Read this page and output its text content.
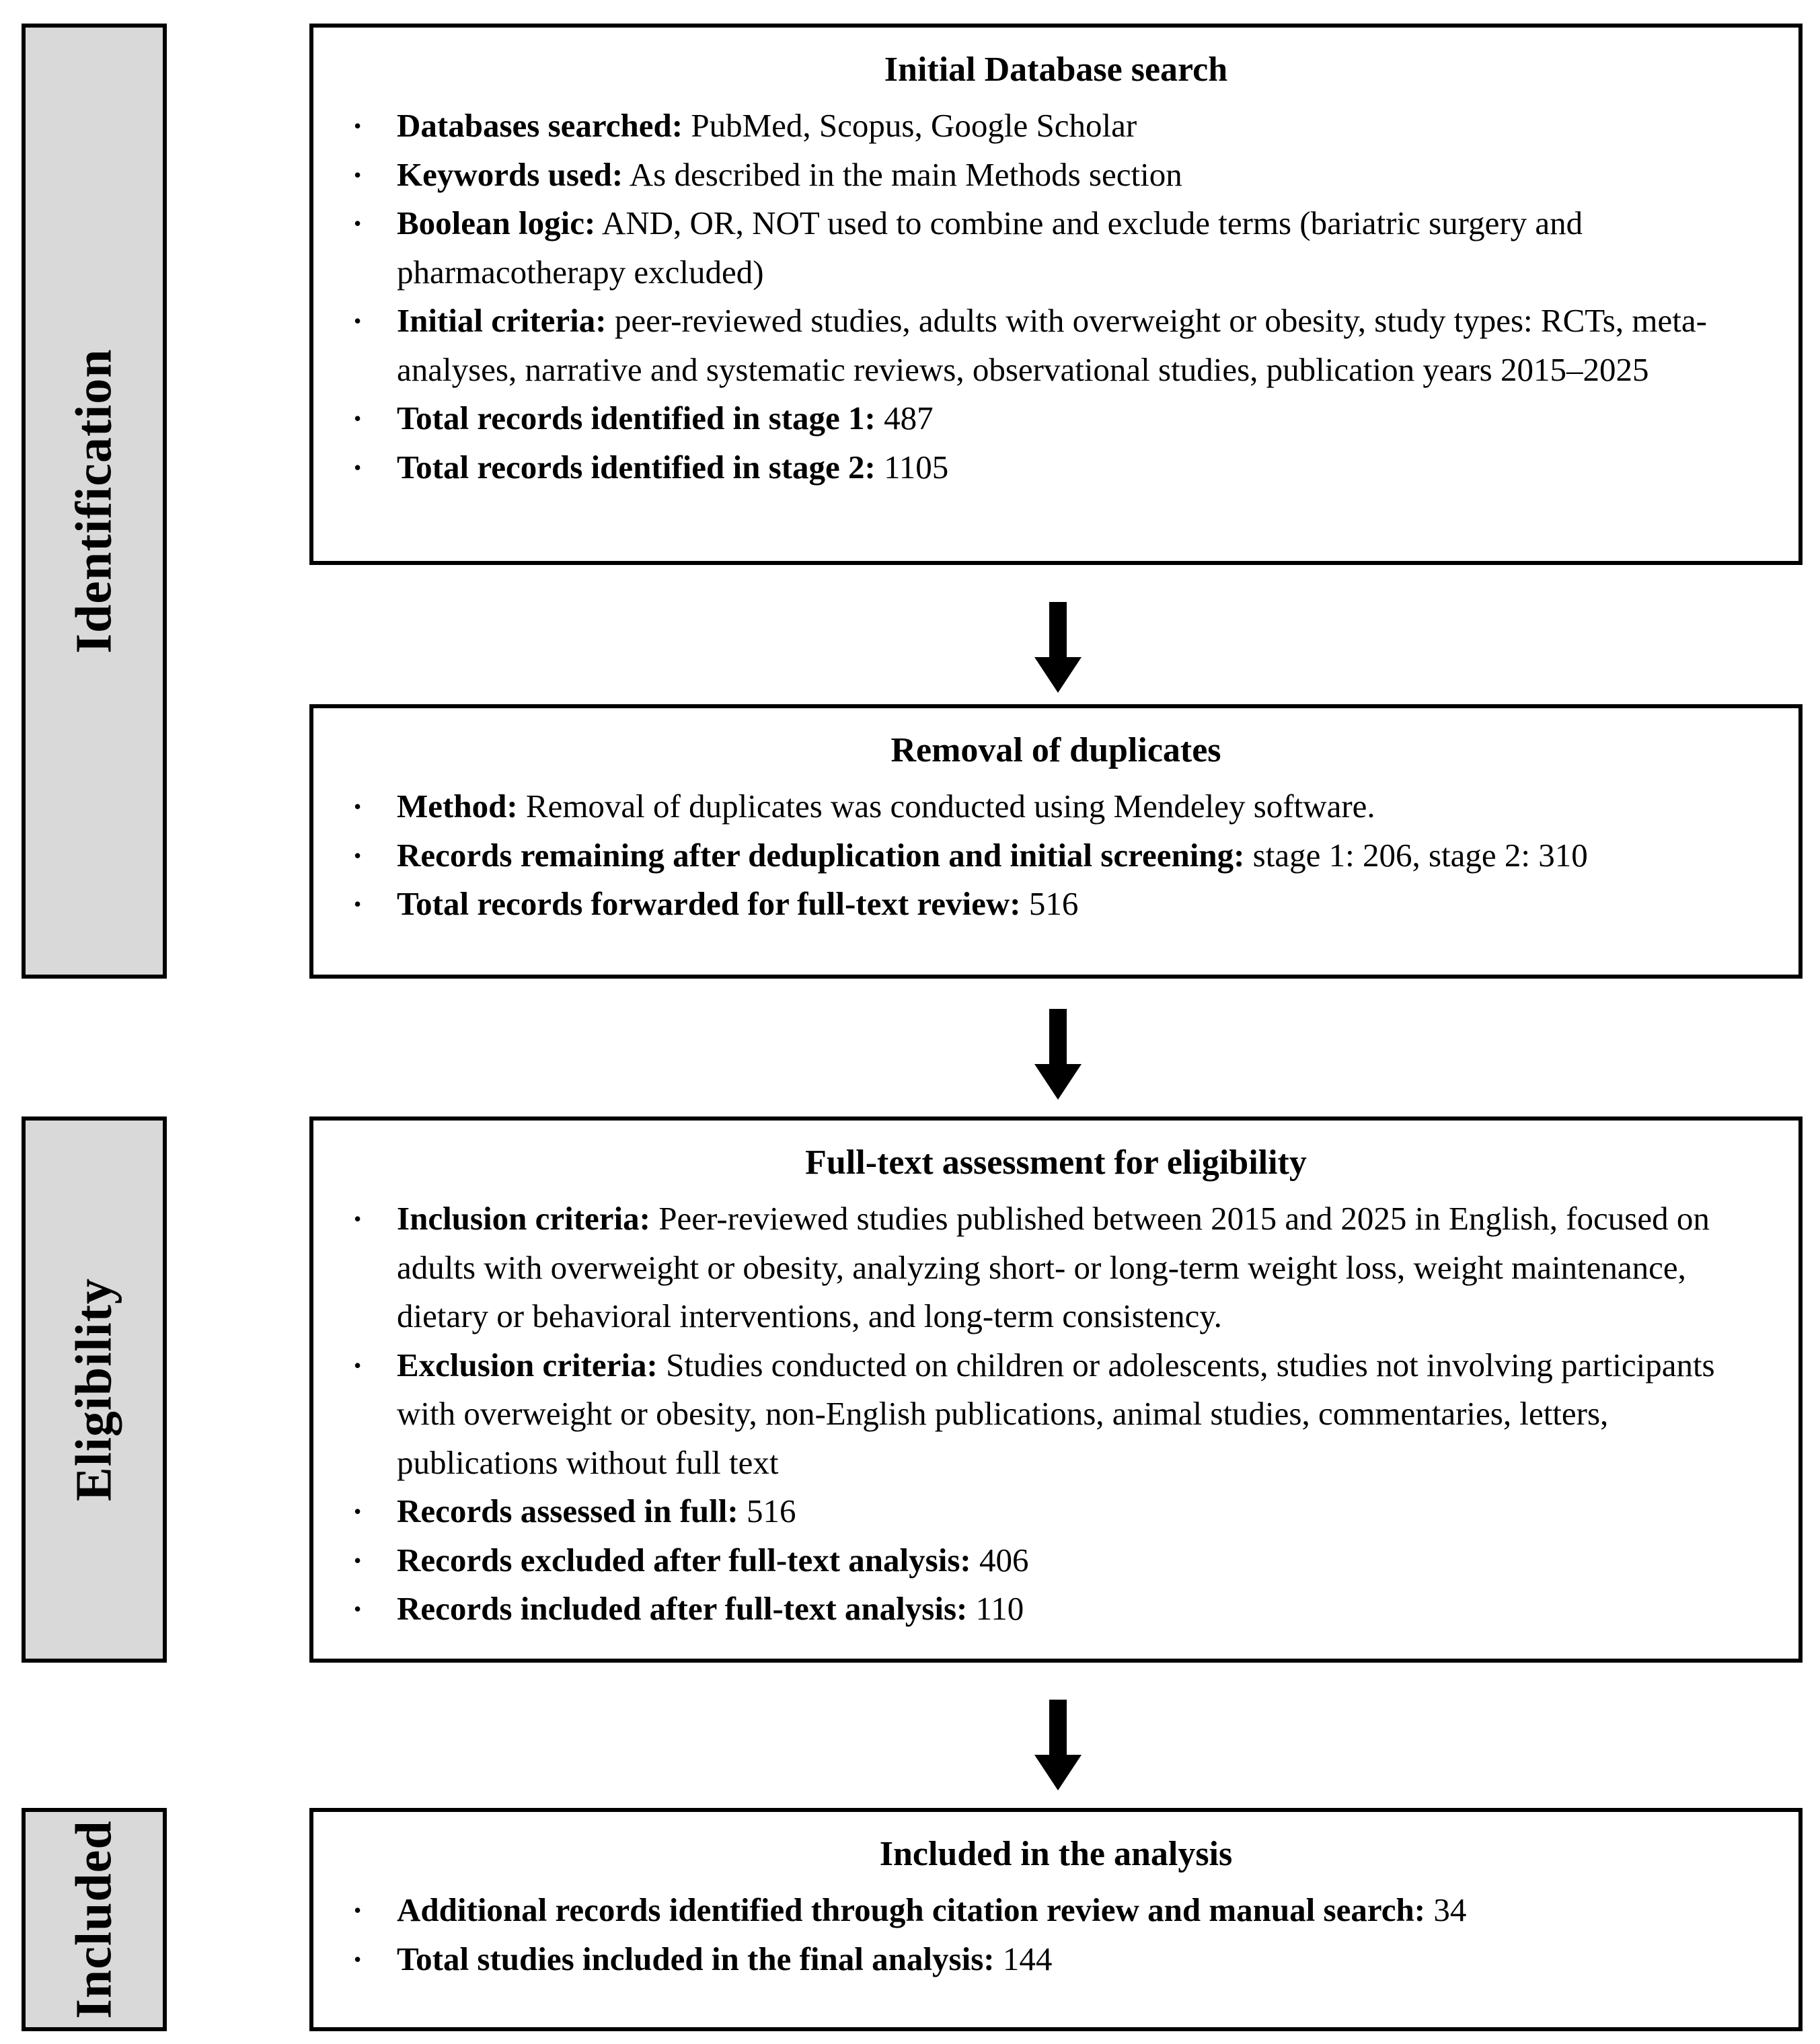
Identification
Eligibility
Included
Initial Database search
• Databases searched: PubMed, Scopus, Google Scholar
• Keywords used: As described in the main Methods section
• Boolean logic: AND, OR, NOT used to combine and exclude terms (bariatric surgery and pharmacotherapy excluded)
• Initial criteria: peer-reviewed studies, adults with overweight or obesity, study types: RCTs, meta-analyses, narrative and systematic reviews, observational studies, publication years 2015–2025
• Total records identified in stage 1: 487
• Total records identified in stage 2: 1105
Removal of duplicates
• Method: Removal of duplicates was conducted using Mendeley software.
• Records remaining after deduplication and initial screening: stage 1: 206, stage 2: 310
• Total records forwarded for full-text review: 516
Full-text assessment for eligibility
• Inclusion criteria: Peer-reviewed studies published between 2015 and 2025 in English, focused on adults with overweight or obesity, analyzing short- or long-term weight loss, weight maintenance, dietary or behavioral interventions, and long-term consistency.
• Exclusion criteria: Studies conducted on children or adolescents, studies not involving participants with overweight or obesity, non-English publications, animal studies, commentaries, letters, publications without full text
• Records assessed in full: 516
• Records excluded after full-text analysis: 406
• Records included after full-text analysis: 110
Included in the analysis
• Additional records identified through citation review and manual search: 34
• Total studies included in the final analysis: 144
